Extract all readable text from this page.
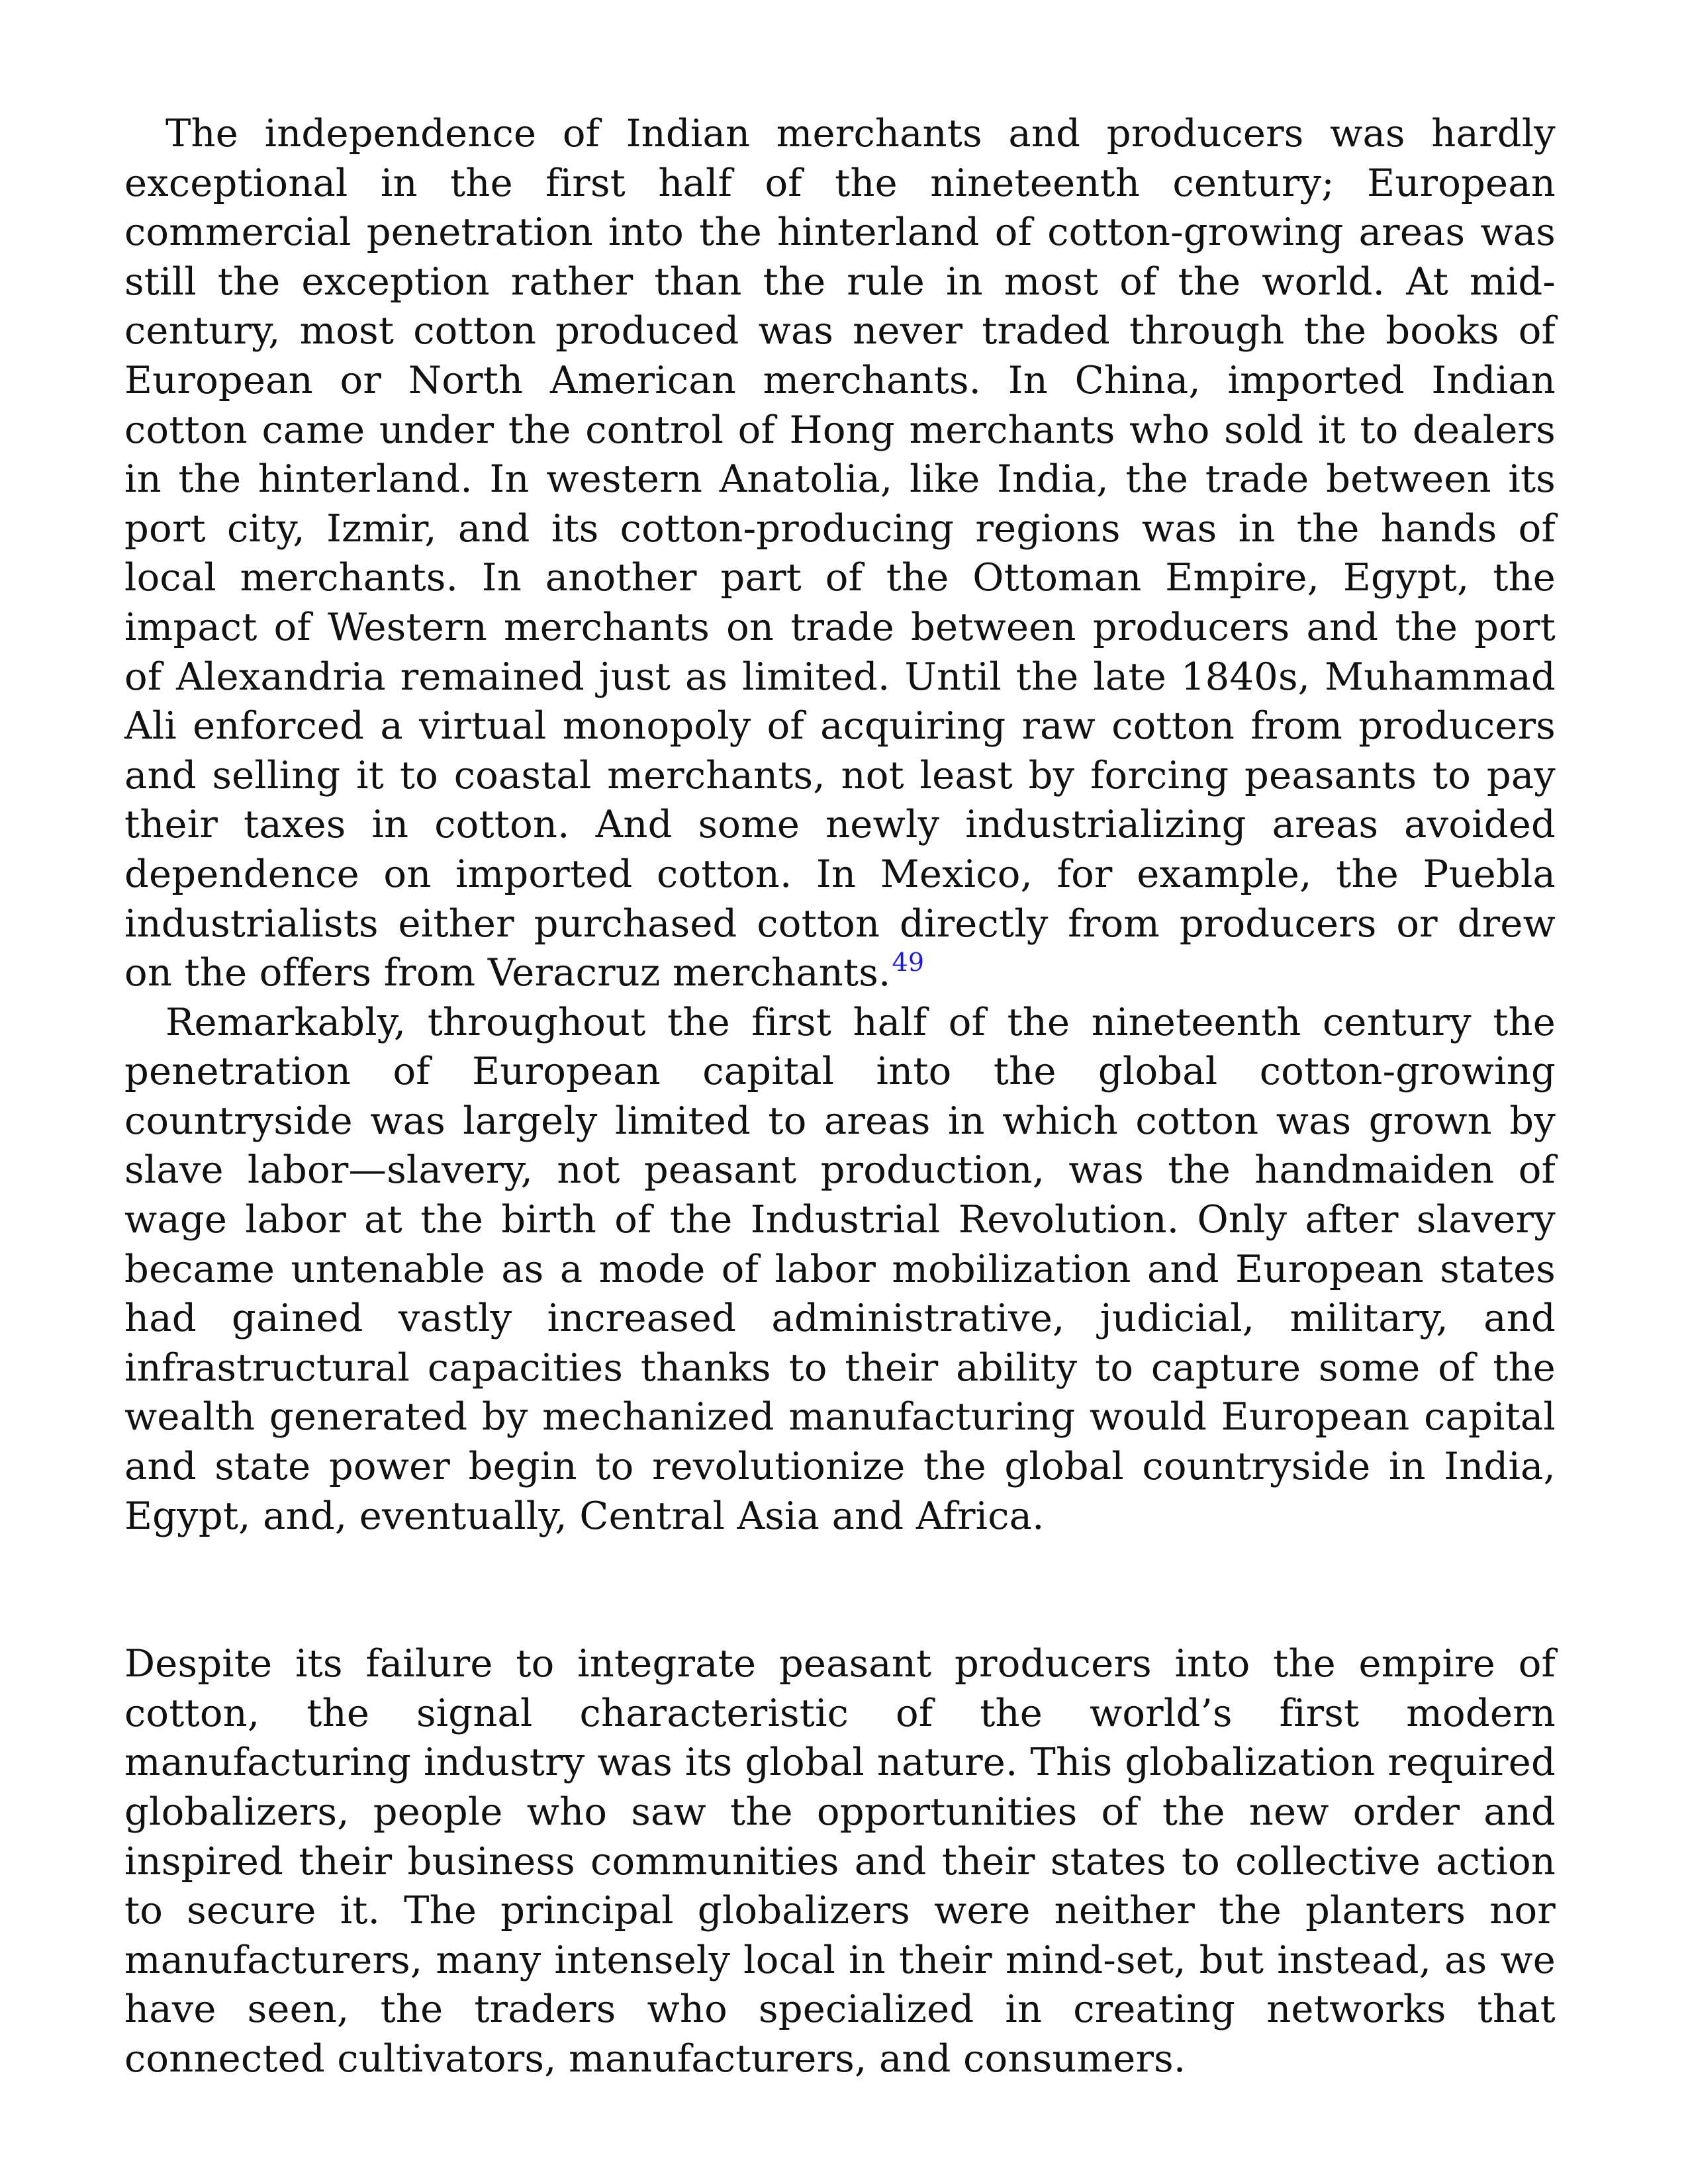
The independence of Indian merchants and producers was hardly exceptional in the first half of the nineteenth century; European commercial penetration into the hinterland of cotton-growing areas was still the exception rather than the rule in most of the world. At mid-century, most cotton produced was never traded through the books of European or North American merchants. In China, imported Indian cotton came under the control of Hong merchants who sold it to dealers in the hinterland. In western Anatolia, like India, the trade between its port city, Izmir, and its cotton-producing regions was in the hands of local merchants. In another part of the Ottoman Empire, Egypt, the impact of Western merchants on trade between producers and the port of Alexandria remained just as limited. Until the late 1840s, Muhammad Ali enforced a virtual monopoly of acquiring raw cotton from producers and selling it to coastal merchants, not least by forcing peasants to pay their taxes in cotton. And some newly industrializing areas avoided dependence on imported cotton. In Mexico, for example, the Puebla industrialists either purchased cotton directly from producers or drew on the offers from Veracruz merchants.$^{49}$

Remarkably, throughout the first half of the nineteenth century the penetration of European capital into the global cotton-growing countryside was largely limited to areas in which cotton was grown by slave labor—slavery, not peasant production, was the handmaiden of wage labor at the birth of the Industrial Revolution. Only after slavery became untenable as a mode of labor mobilization and European states had gained vastly increased administrative, judicial, military, and infrastructural capacities thanks to their ability to capture some of the wealth generated by mechanized manufacturing would European capital and state power begin to revolutionize the global countryside in India, Egypt, and, eventually, Central Asia and Africa.

Despite its failure to integrate peasant producers into the empire of cotton, the signal characteristic of the world’s first modern manufacturing industry was its global nature. This globalization required globalizers, people who saw the opportunities of the new order and inspired their business communities and their states to collective action to secure it. The principal globalizers were neither the planters nor manufacturers, many intensely local in their mind-set, but instead, as we have seen, the traders who specialized in creating networks that connected cultivators, manufacturers, and consumers.
